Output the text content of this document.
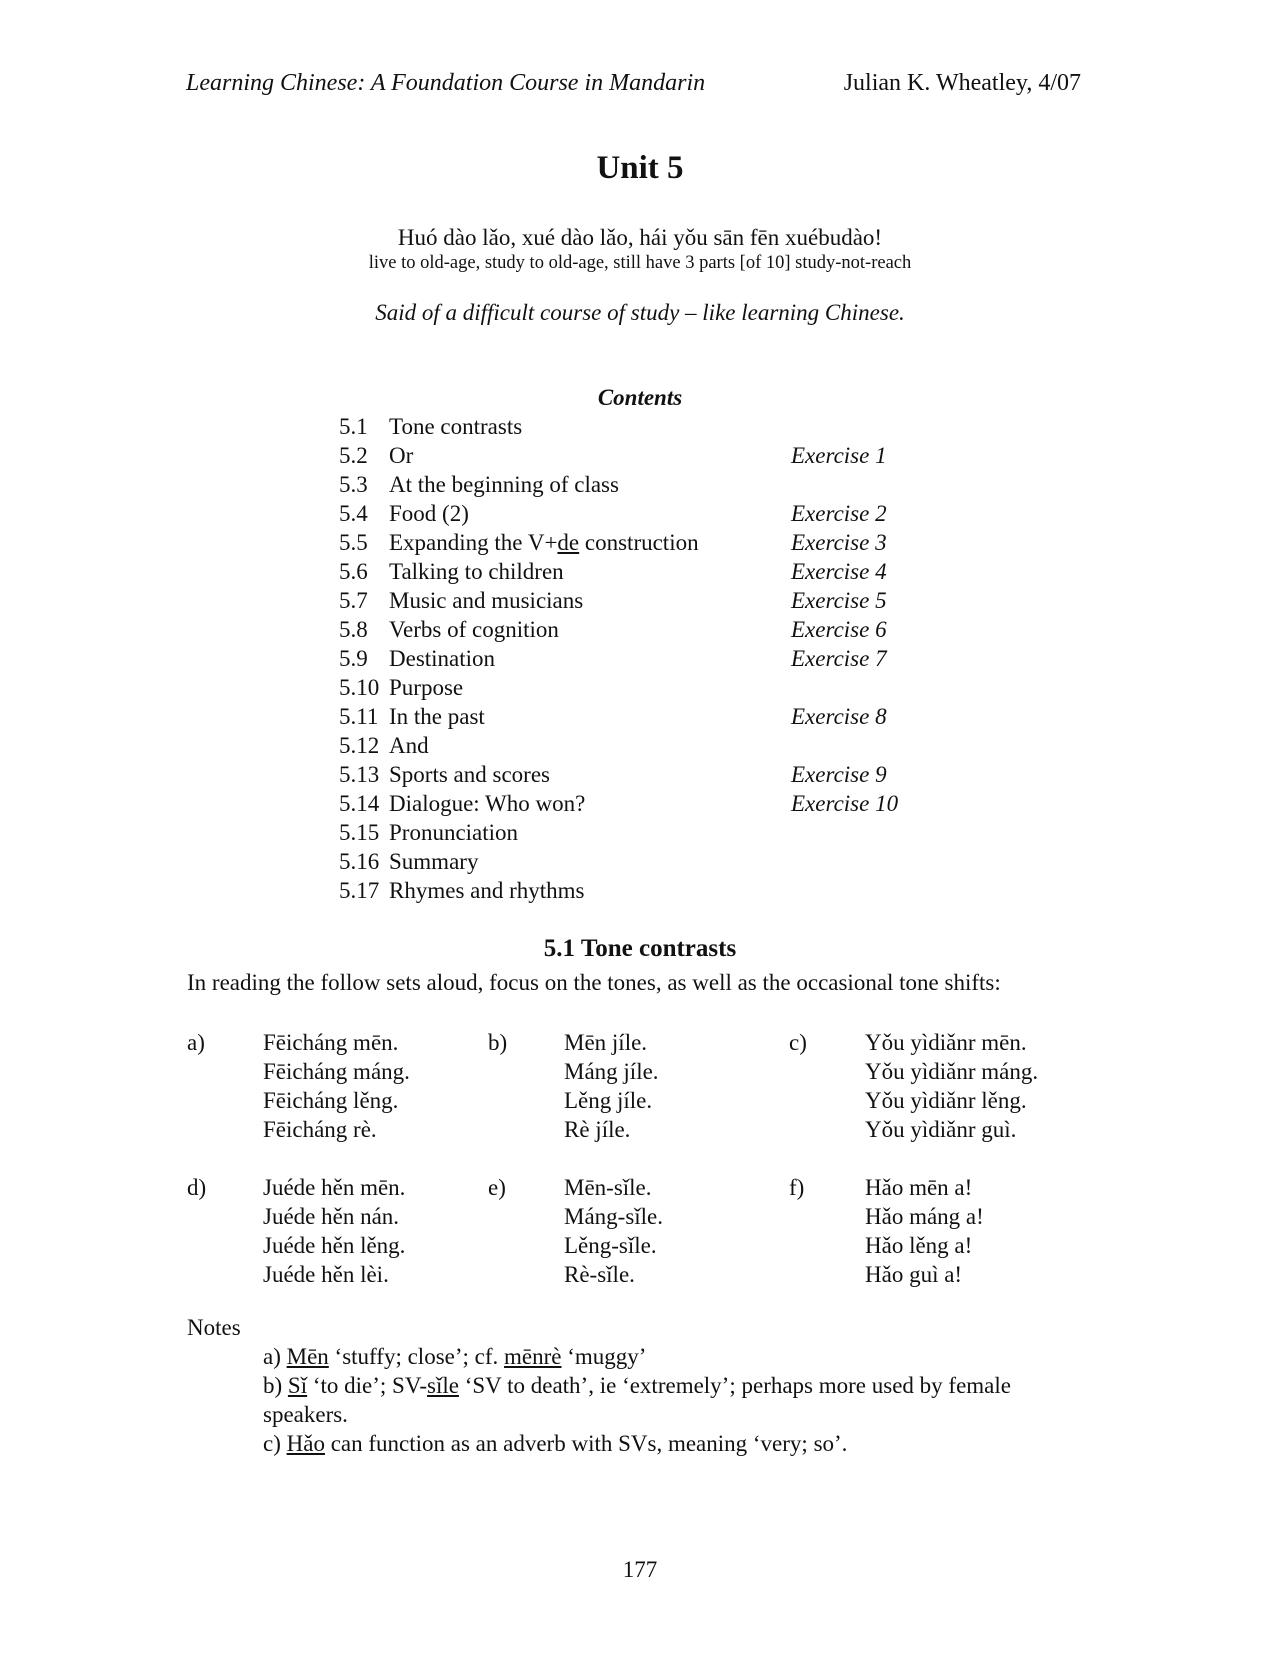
Learning Chinese: A Foundation Course in Mandarin	Julian K. Wheatley, 4/07
Unit 5
Huó dào lǎo, xué dào lǎo, hái yǒu sān fēn xuébudào!
live to old-age, study to old-age, still have 3 parts [of 10] study-not-reach
Said of a difficult course of study – like learning Chinese.
Contents
5.1 Tone contrasts
5.2 Or	Exercise 1
5.3 At the beginning of class
5.4 Food (2)	Exercise 2
5.5 Expanding the V+de construction	Exercise 3
5.6 Talking to children	Exercise 4
5.7 Music and musicians	Exercise 5
5.8 Verbs of cognition	Exercise 6
5.9 Destination	Exercise 7
5.10 Purpose
5.11 In the past	Exercise 8
5.12 And
5.13 Sports and scores	Exercise 9
5.14 Dialogue: Who won?	Exercise 10
5.15 Pronunciation
5.16 Summary
5.17 Rhymes and rhythms
5.1 Tone contrasts
In reading the follow sets aloud, focus on the tones, as well as the occasional tone shifts:
a)	Fēicháng mēn.
Fēicháng máng.
Fēicháng lěng.
Fēicháng rè.
b) Mēn jíle.
Máng jíle.
Lěng jíle.
Rè jíle.
c)	Yǒu yìdiǎnr mēn.
Yǒu yìdiǎnr máng.
Yǒu yìdiǎnr lěng.
Yǒu yìdiǎnr guì.
d) Juéde hěn mēn.
Juéde hěn nán.
Juéde hěn lěng.
Juéde hěn lèi.
e)	Mēn-sǐle.
Máng-sǐle.
Lěng-sǐle.
Rè-sǐle.
f)	Hǎo mēn a!
Hǎo máng a!
Hǎo lěng a!
Hǎo guì a!
Notes
a) Mēn ‘stuffy; close’; cf. mēnrè ‘muggy’
b) Sǐ ‘to die’; SV-sǐle ‘SV to death’, ie ‘extremely’; perhaps more used by female
speakers.
c) Hǎo can function as an adverb with SVs, meaning ‘very; so’.
177
